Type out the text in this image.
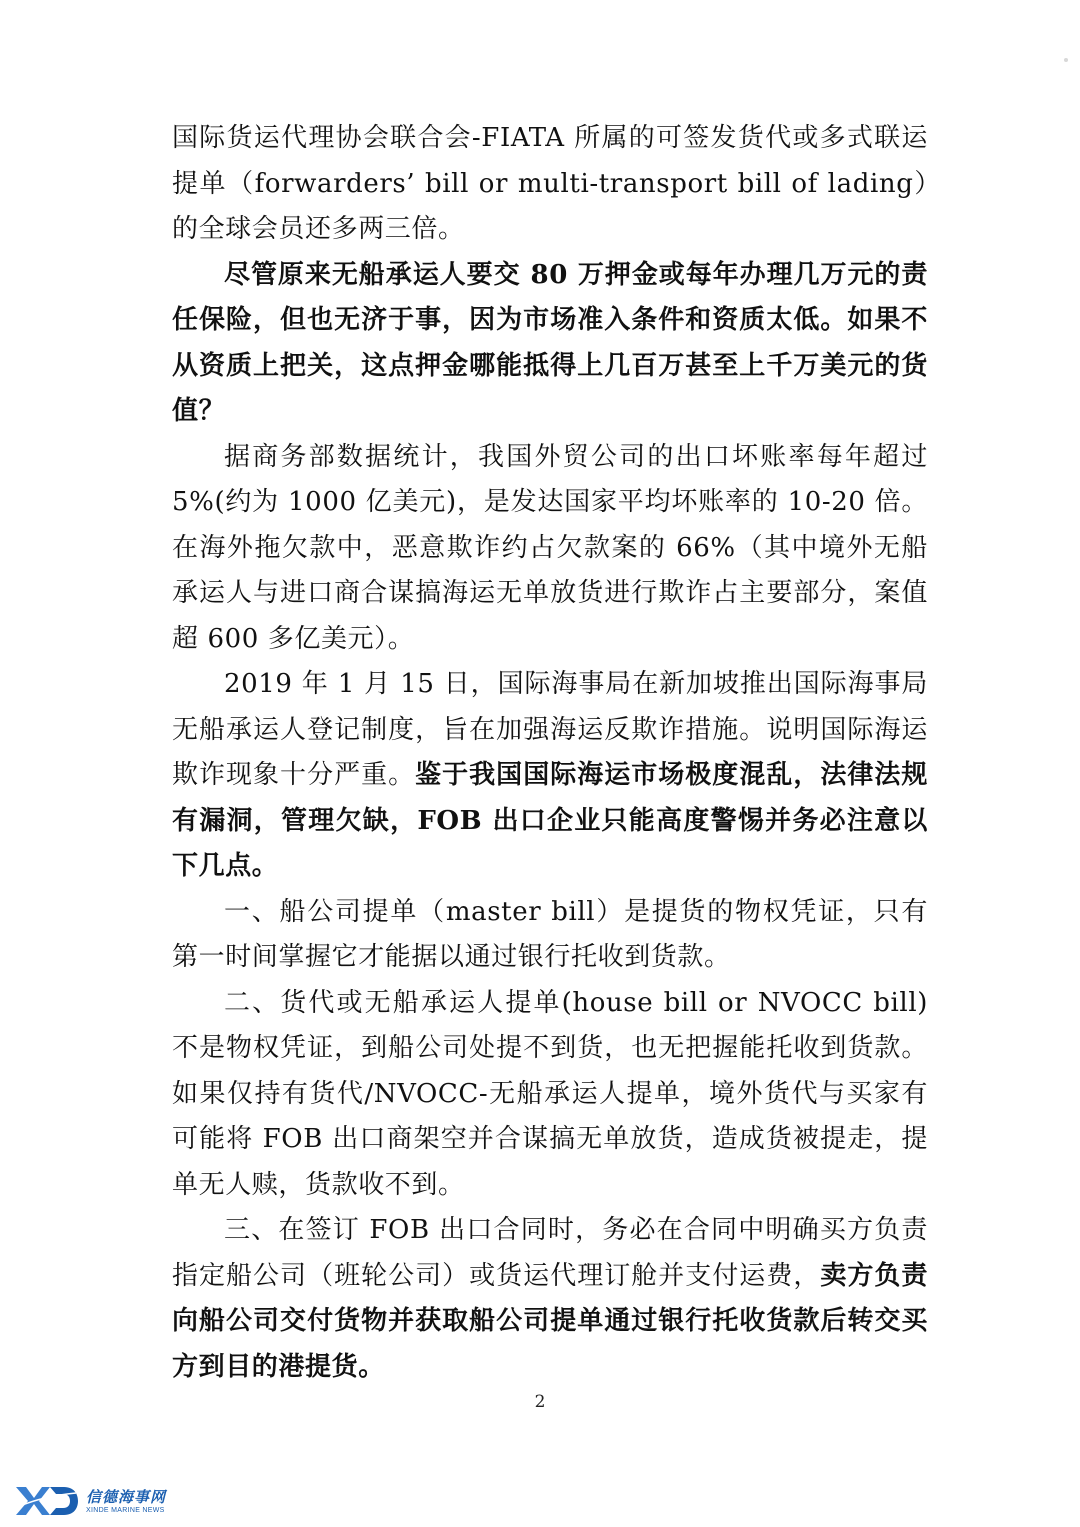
国际货运代理协会联合会-FIATA 所属的可签发货代或多式联运提单（forwarders’ bill or multi-transport bill of lading）的全球会员还多两三倍。

尽管原来无船承运人要交 80 万押金或每年办理几万元的责任保险，但也无济于事，因为市场准入条件和资质太低。如果不从资质上把关，这点押金哪能抵得上几百万甚至上千万美元的货值？

据商务部数据统计，我国外贸公司的出口坏账率每年超过 5%(约为 1000 亿美元)，是发达国家平均坏账率的 10-20 倍。在海外拖欠款中，恶意欺诈约占欠款案的 66%（其中境外无船承运人与进口商合谋搞海运无单放货进行欺诈占主要部分，案值超 600 多亿美元）。

2019 年 1 月 15 日，国际海事局在新加坡推出国际海事局无船承运人登记制度，旨在加强海运反欺诈措施。说明国际海运欺诈现象十分严重。鉴于我国国际海运市场极度混乱，法律法规有漏洞，管理欠缺，FOB 出口企业只能高度警惕并务必注意以下几点。

一、船公司提单（master bill）是提货的物权凭证，只有第一时间掌握它才能据以通过银行托收到货款。

二、货代或无船承运人提单(house bill or NVOCC bill)不是物权凭证，到船公司处提不到货，也无把握能托收到货款。如果仅持有货代/NVOCC-无船承运人提单，境外货代与买家有可能将 FOB 出口商架空并合谋搞无单放货，造成货被提走，提单无人赎，货款收不到。

三、在签订 FOB 出口合同时，务必在合同中明确买方负责指定船公司（班轮公司）或货运代理订舱并支付运费，卖方负责向船公司交付货物并获取船公司提单通过银行托收货款后转交买方到目的港提货。

2
信德海事网
XINDE MARINE NEWS
